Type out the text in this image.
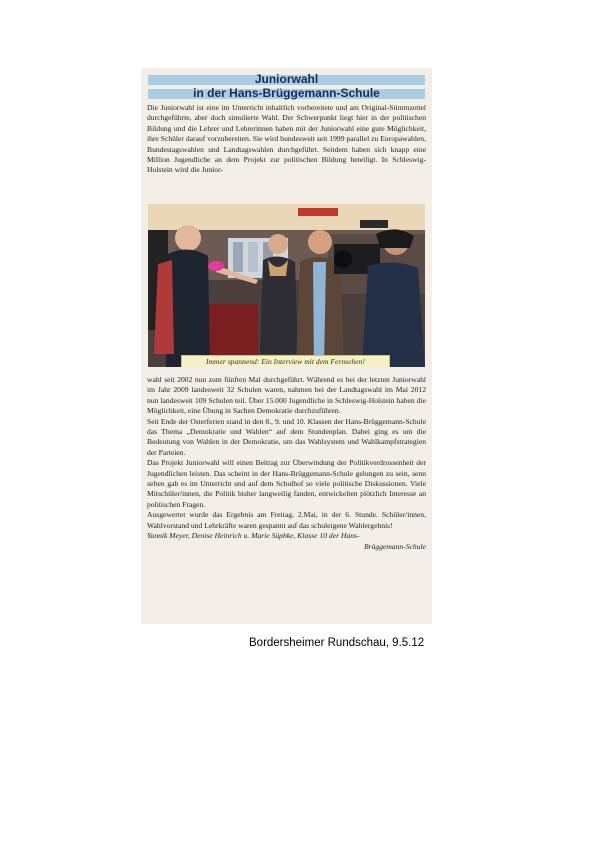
Juniorwahl
in der Hans-Brüggemann-Schule

Die Juniorwahl ist eine im Unterricht inhaltlich vorbereitete und am Original-Stimmzettel durchgeführte, aber doch simulierte Wahl. Der Schwerpunkt liegt hier in der politischen Bildung und die Lehrer und Lehrerinnen haben mit der Juniorwahl eine gute Möglichkeit, ihre Schüler darauf vorzubereiten. Sie wird bundesweit seit 1999 parallel zu Europawahlen, Bundestagswahlen und Landtagswahlen durchgeführt. Seitdem haben sich knapp eine Million Jugendliche an dem Projekt zur politischen Bildung beteiligt. In Schleswig-Holstein wird die Junior-

Immer spannend: Ein Interview mit dem Fernsehen!

wahl seit 2002 nun zum fünften Mal durchgeführt. Während es bei der letzten Juniorwahl im Jahr 2009 landesweit 32 Schulen waren, nahmen bei der Landtagswahl im Mai 2012 nun landesweit 109 Schulen teil. Über 15.000 Jugendliche in Schleswig-Holstein haben die Möglichkeit, eine Übung in Sachen Demokratie durchzuführen.

Seit Ende der Osterferien stand in den 8., 9. und 10. Klassen der Hans-Brüggemann-Schule das Thema „Demokratie und Wahlen“ auf dem Stundenplan. Dabei ging es um die Bedeutung von Wahlen in der Demokratie, um das Wahlsystem und Wahlkampfstrategien der Parteien.

Das Projekt Juniorwahl will einen Beitrag zur Überwindung der Politikverdrossenheit der Jugendlichen leisten. Das scheint in der Hans-Brüggemann-Schule gelungen zu sein, senn selten gab es im Unterricht und auf dem Schulhof so viele politische Diskussionen. Viele Mitschüler/innen, die Politik bisher langweilig fanden, entwickelten plötzlich Interesse an politischen Fragen.

Ausgewertet wurde das Ergebnis am Freitag, 2.Mai, in der 6. Stunde. Schüler/innen, Wahlvorstand und Lehrkräfte waren gespannt auf das schuleigene Wahlergebnis!

Yannik Meyer, Denise Heinrich u. Marie Süphke, Klasse 10 der Hans-

Brüggemann-Schule

Bordersheimer Rundschau, 9.5.12
